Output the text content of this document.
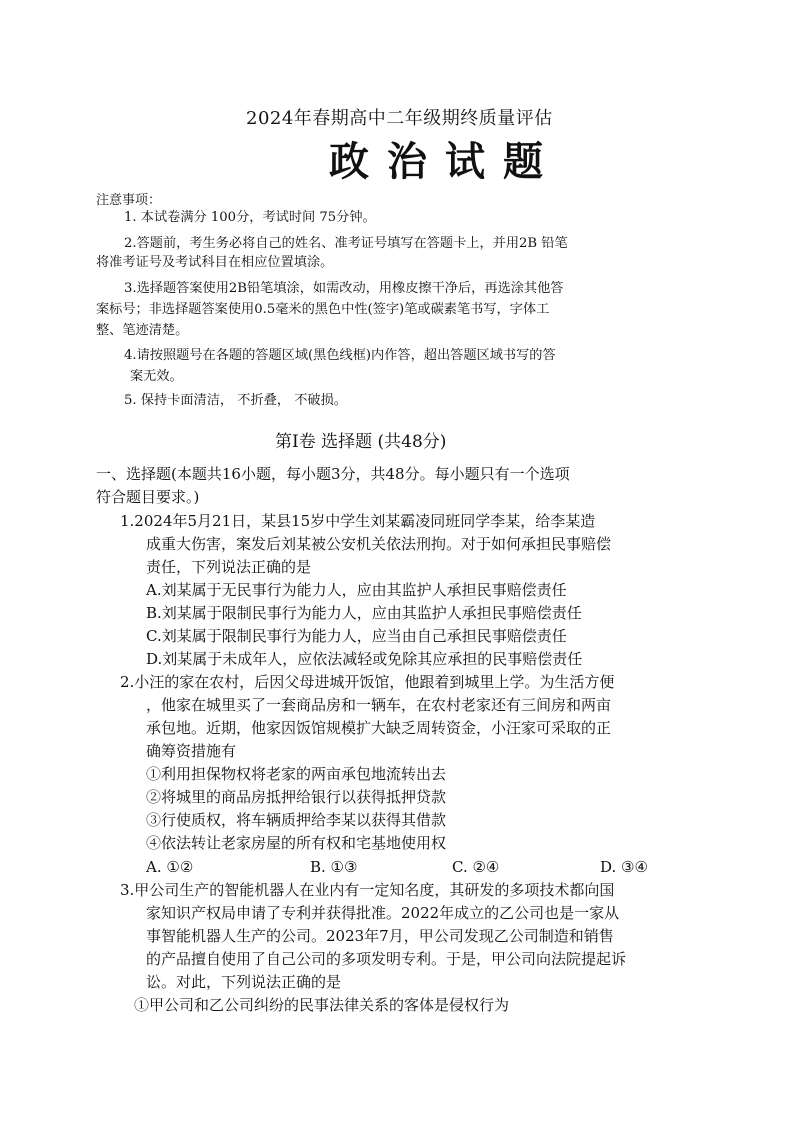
2024年春期高中二年级期终质量评估
政治试题
注意事项：
1. 本试卷满分 100分，考试时间 75分钟。
2.答题前，考生务必将自己的姓名、准考证号填写在答题卡上，并用2B 铅笔
将准考证号及考试科目在相应位置填涂。
3.选择题答案使用2B铅笔填涂，如需改动，用橡皮擦干净后，再选涂其他答
案标号；非选择题答案使用0.5毫米的黑色中性(签字)笔或碳素笔书写，字体工
整、笔迹清楚。
4.请按照题号在各题的答题区域(黑色线框)内作答，超出答题区域书写的答
案无效。
5. 保持卡面清洁， 不折叠， 不破损。
第Ⅰ卷 选择题 (共48分)
一、选择题(本题共16小题，每小题3分，共48分。每小题只有一个选项
符合题目要求。)
1.2024年5月21日，某县15岁中学生刘某霸凌同班同学李某，给李某造
成重大伤害，案发后刘某被公安机关依法刑拘。对于如何承担民事赔偿
责任，下列说法正确的是
A.刘某属于无民事行为能力人，应由其监护人承担民事赔偿责任
B.刘某属于限制民事行为能力人，应由其监护人承担民事赔偿责任
C.刘某属于限制民事行为能力人，应当由自己承担民事赔偿责任
D.刘某属于未成年人，应依法减轻或免除其应承担的民事赔偿责任
2.小汪的家在农村，后因父母进城开饭馆，他跟着到城里上学。为生活方便
，他家在城里买了一套商品房和一辆车，在农村老家还有三间房和两亩
承包地。近期，他家因饭馆规模扩大缺乏周转资金，小汪家可采取的正
确筹资措施有
①利用担保物权将老家的两亩承包地流转出去
②将城里的商品房抵押给银行以获得抵押贷款
③行使质权，将车辆质押给李某以获得其借款
④依法转让老家房屋的所有权和宅基地使用权
A. ①②	B. ①③	C. ②④	D. ③④
3.甲公司生产的智能机器人在业内有一定知名度，其研发的多项技术都向国
家知识产权局申请了专利并获得批准。2022年成立的乙公司也是一家从
事智能机器人生产的公司。2023年7月，甲公司发现乙公司制造和销售
的产品擅自使用了自己公司的多项发明专利。于是，甲公司向法院提起诉
讼。对此，下列说法正确的是
①甲公司和乙公司纠纷的民事法律关系的客体是侵权行为
